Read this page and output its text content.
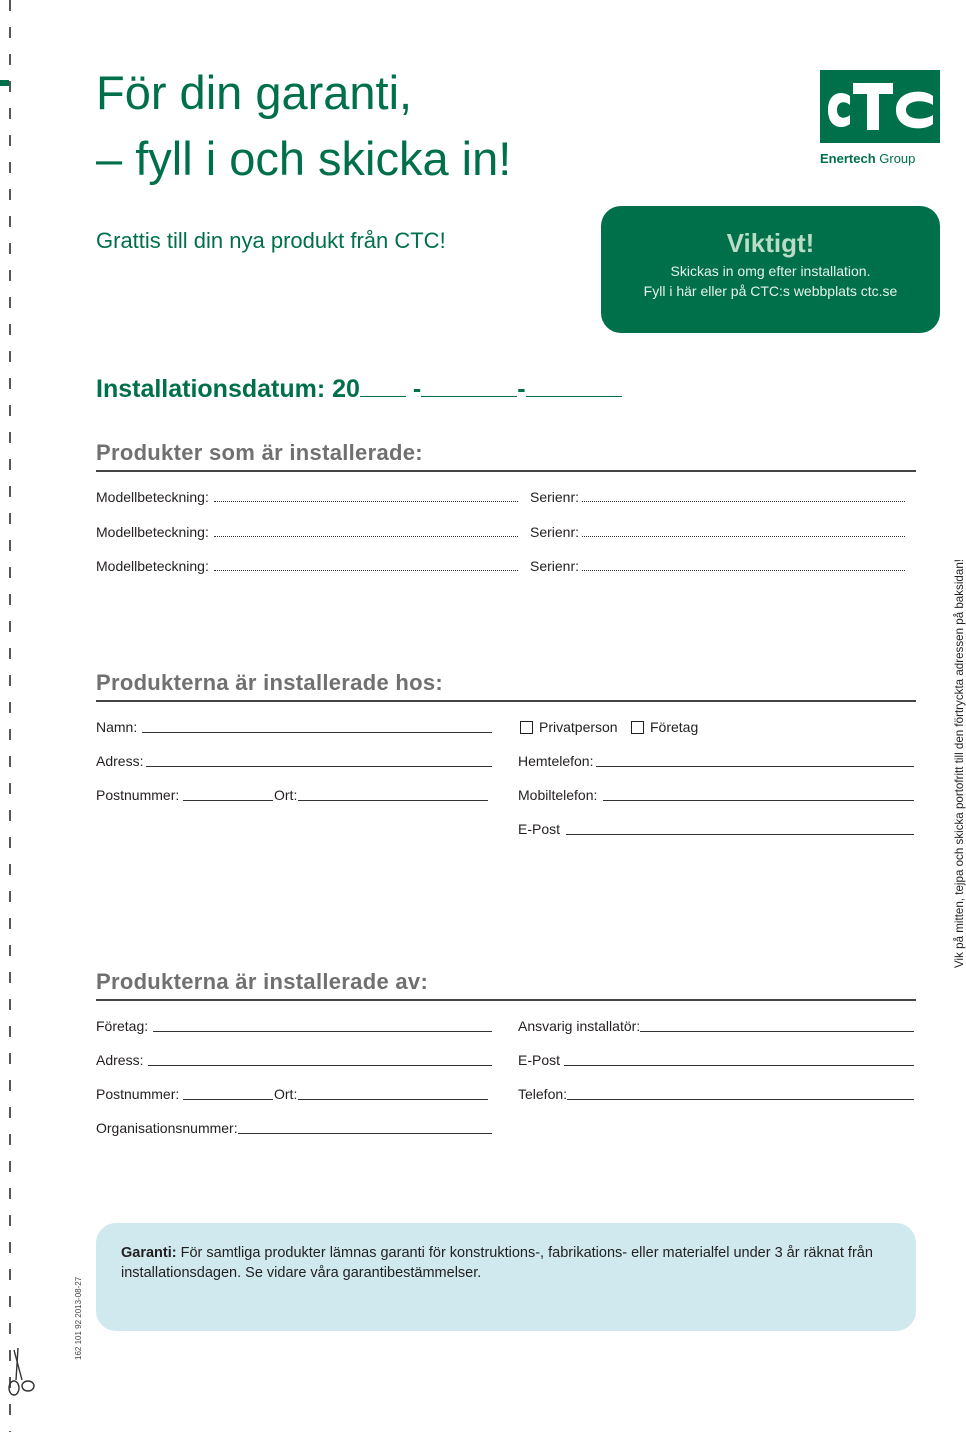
För din garanti,
– fyll i och skicka in!	Enertech Group
Grattis till din nya produkt från CTC!	Viktigt!
Skickas in omg efter installation.
Fyll i här eller på CTC:s webbplats ctc.se
Installationsdatum: 20 -	-
Produkter som är installerade:
Modellbeteckning:	Serienr:
Modellbeteckning:	Serienr:
Modellbeteckning:	Serienr:
Produkterna är installerade hos:
Namn:
Adress:
Postnummer:	Ort:
Privatperson Företag
Hemtelefon:
Mobiltelefon:
E-Post
Produkterna är installerade av:
Företag:
Adress:
Postnummer:	Ort:
Organisationsnummer:
Ansvarig installatör:
E-Post
Telefon:
Vik på mitten, tejpa och skicka portofritt till den förtryckta adressen på baksidan!
162 101 92 2013-08-27
Garanti: För samtliga produkter lämnas garanti för konstruktions-, fabrikations- eller materialfel under 3 år räknat från installationsdagen. Se vidare våra garantibestämmelser.
